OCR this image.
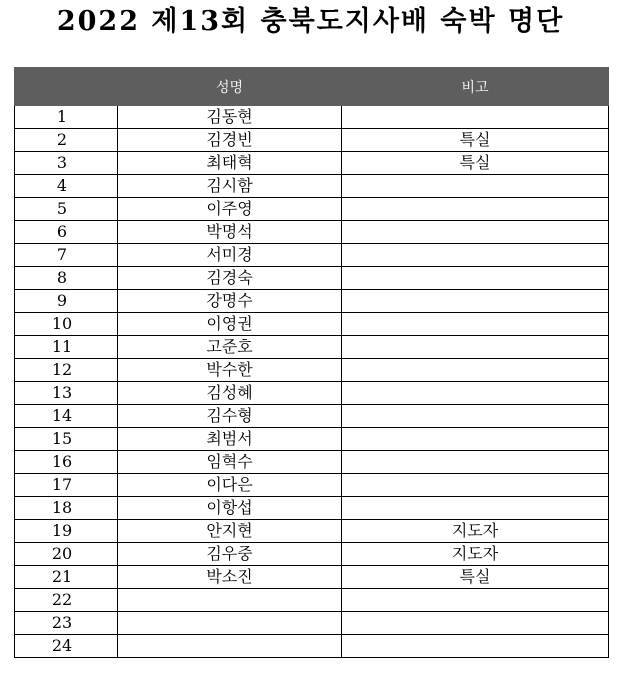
2022 제13회 충북도지사배 숙박 명단
	성명	비고
1	김동현	
2	김경빈	특실
3	최태혁	특실
4	김시함	
5	이주영	
6	박명석	
7	서미경	
8	김경숙	
9	강명수	
10	이영권	
11	고준호	
12	박수한	
13	김성혜	
14	김수형	
15	최범서	
16	임혁수	
17	이다은	
18	이항섭	
19	안지현	지도자
20	김우중	지도자
21	박소진	특실
22		
23		
24		
